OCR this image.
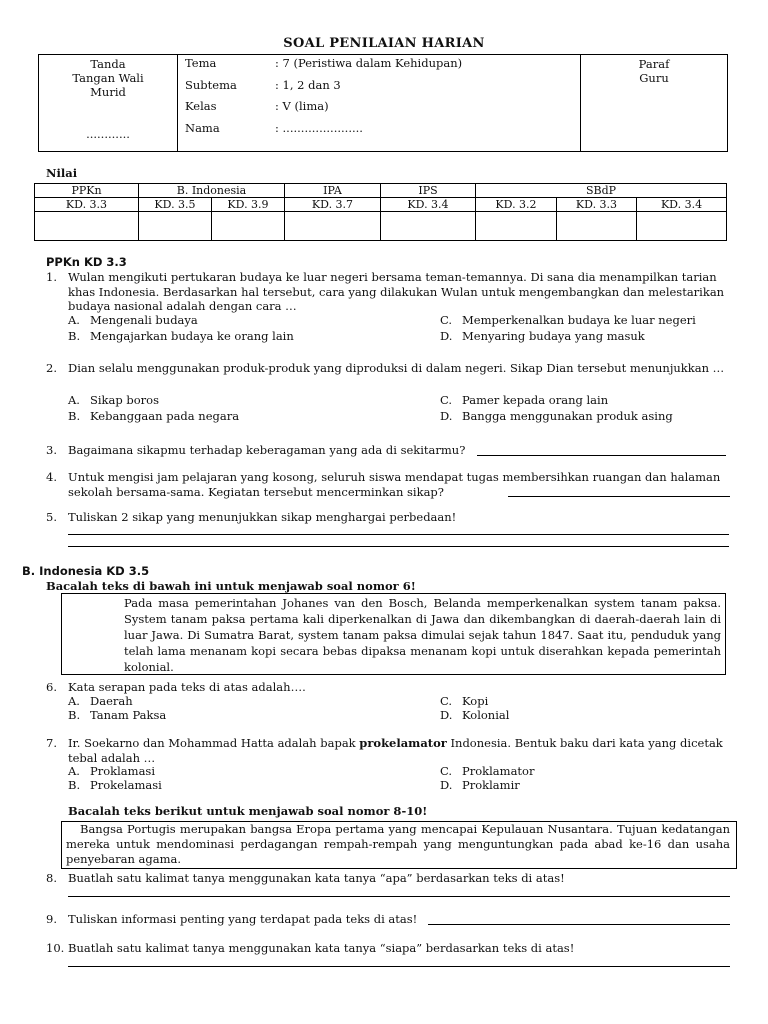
SOAL PENILAIAN HARIAN
Tanda
Tangan Wali
Murid
............
Tema	: 7 (Peristiwa dalam Kehidupan)
Subtema	: 1, 2 dan 3
Kelas	: V (lima)
Nama	: ......................
Paraf
Guru
Nilai
PPKn	B. Indonesia		IPA	IPS	SBdP		
KD. 3.3	KD. 3.5	KD. 3.9	KD. 3.7	KD. 3.4	KD. 3.2	KD. 3.3	KD. 3.4

PPKn KD 3.3
1. Wulan mengikuti pertukaran budaya ke luar negeri bersama teman-temannya. Di sana dia menampilkan tarian khas Indonesia. Berdasarkan hal tersebut, cara yang dilakukan Wulan untuk mengembangkan dan melestarikan budaya nasional adalah dengan cara …
A. Mengenali budaya
B. Mengajarkan budaya ke orang lain
C. Memperkenalkan budaya ke luar negeri
D. Menyaring budaya yang masuk
2. Dian selalu menggunakan produk-produk yang diproduksi di dalam negeri. Sikap Dian tersebut menunjukkan …
A. Sikap boros
B. Kebanggaan pada negara
C. Pamer kepada orang lain
D. Bangga menggunakan produk asing
3. Bagaimana sikapmu terhadap keberagaman yang ada di sekitarmu?
4. Untuk mengisi jam pelajaran yang kosong, seluruh siswa mendapat tugas membersihkan ruangan dan halaman sekolah bersama-sama. Kegiatan tersebut mencerminkan sikap?
5. Tuliskan 2 sikap yang menunjukkan sikap menghargai perbedaan!
B. Indonesia KD 3.5
Bacalah teks di bawah ini untuk menjawab soal nomor 6!
Pada masa pemerintahan Johanes van den Bosch, Belanda memperkenalkan system tanam paksa. System tanam paksa pertama kali diperkenalkan di Jawa dan dikembangkan di daerah-daerah lain di luar Jawa. Di Sumatra Barat, system tanam paksa dimulai sejak tahun 1847. Saat itu, penduduk yang telah lama menanam kopi secara bebas dipaksa menanam kopi untuk diserahkan kepada pemerintah kolonial.
6. Kata serapan pada teks di atas adalah….
A. Daerah
B. Tanam Paksa
C. Kopi
D. Kolonial
7. Ir. Soekarno dan Mohammad Hatta adalah bapak prokelamator Indonesia. Bentuk baku dari kata yang dicetak tebal adalah …
A. Proklamasi
B. Prokelamasi
C. Proklamator
D. Proklamir
Bacalah teks berikut untuk menjawab soal nomor 8-10!
Bangsa Portugis merupakan bangsa Eropa pertama yang mencapai Kepulauan Nusantara. Tujuan kedatangan mereka untuk mendominasi perdagangan rempah-rempah yang menguntungkan pada abad ke-16 dan usaha penyebaran agama.
8. Buatlah satu kalimat tanya menggunakan kata tanya “apa” berdasarkan teks di atas!
9. Tuliskan informasi penting yang terdapat pada teks di atas!
10. Buatlah satu kalimat tanya menggunakan kata tanya “siapa” berdasarkan teks di atas!
